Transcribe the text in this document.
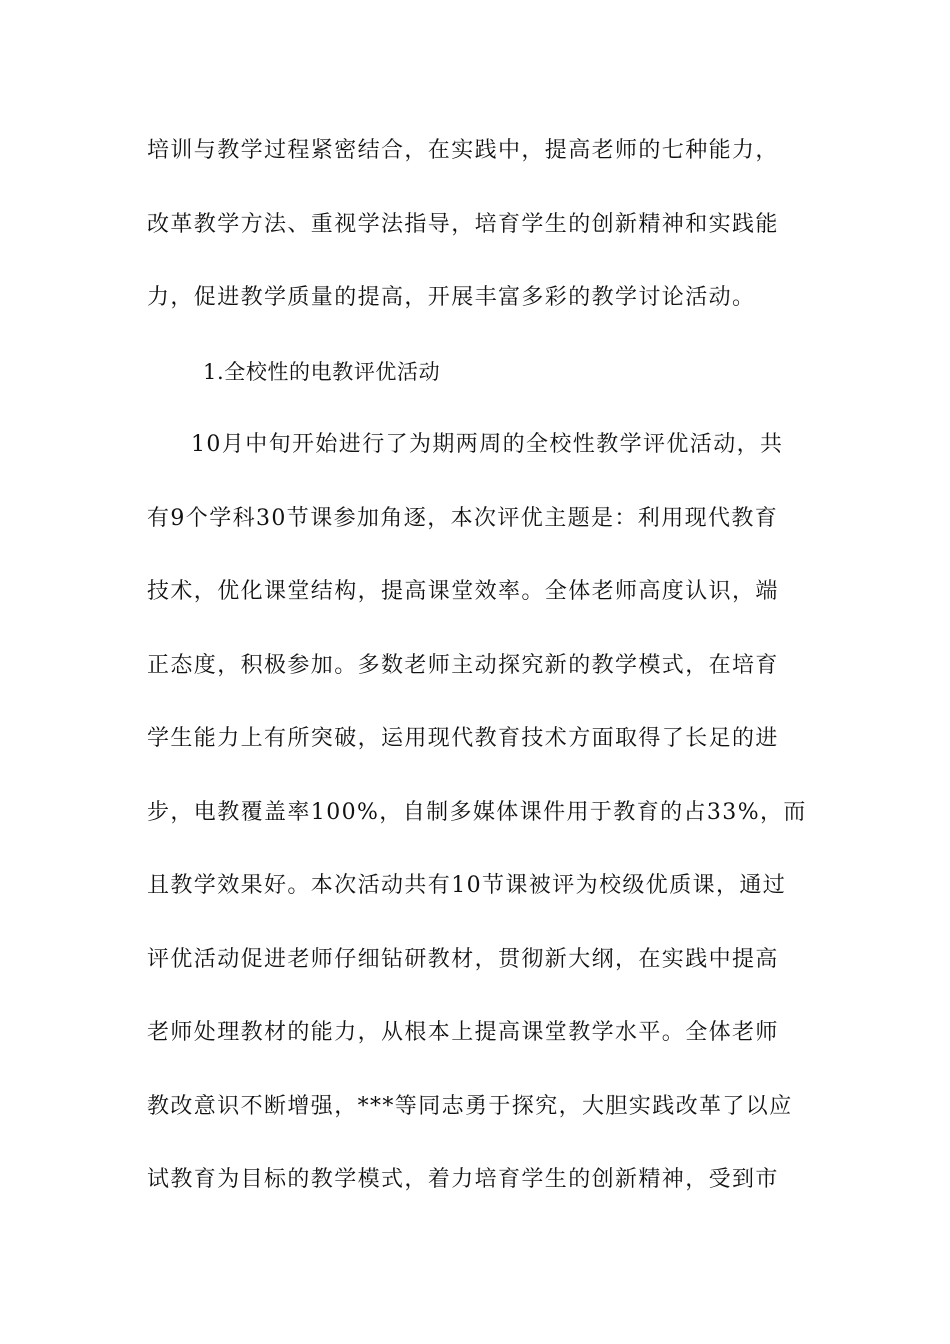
培训与教学过程紧密结合，在实践中，提高老师的七种能力，
改革教学方法、重视学法指导，培育学生的创新精神和实践能
力，促进教学质量的提高，开展丰富多彩的教学讨论活动。
1.全校性的电教评优活动
10月中旬开始进行了为期两周的全校性教学评优活动，共
有9个学科30节课参加角逐，本次评优主题是：利用现代教育
技术，优化课堂结构，提高课堂效率。全体老师高度认识，端
正态度，积极参加。多数老师主动探究新的教学模式，在培育
学生能力上有所突破，运用现代教育技术方面取得了长足的进
步，电教覆盖率100%，自制多媒体课件用于教育的占33%，而
且教学效果好。本次活动共有10节课被评为校级优质课，通过
评优活动促进老师仔细钻研教材，贯彻新大纲，在实践中提高
老师处理教材的能力，从根本上提高课堂教学水平。全体老师
教改意识不断增强，***等同志勇于探究，大胆实践改革了以应
试教育为目标的教学模式，着力培育学生的创新精神，受到市
